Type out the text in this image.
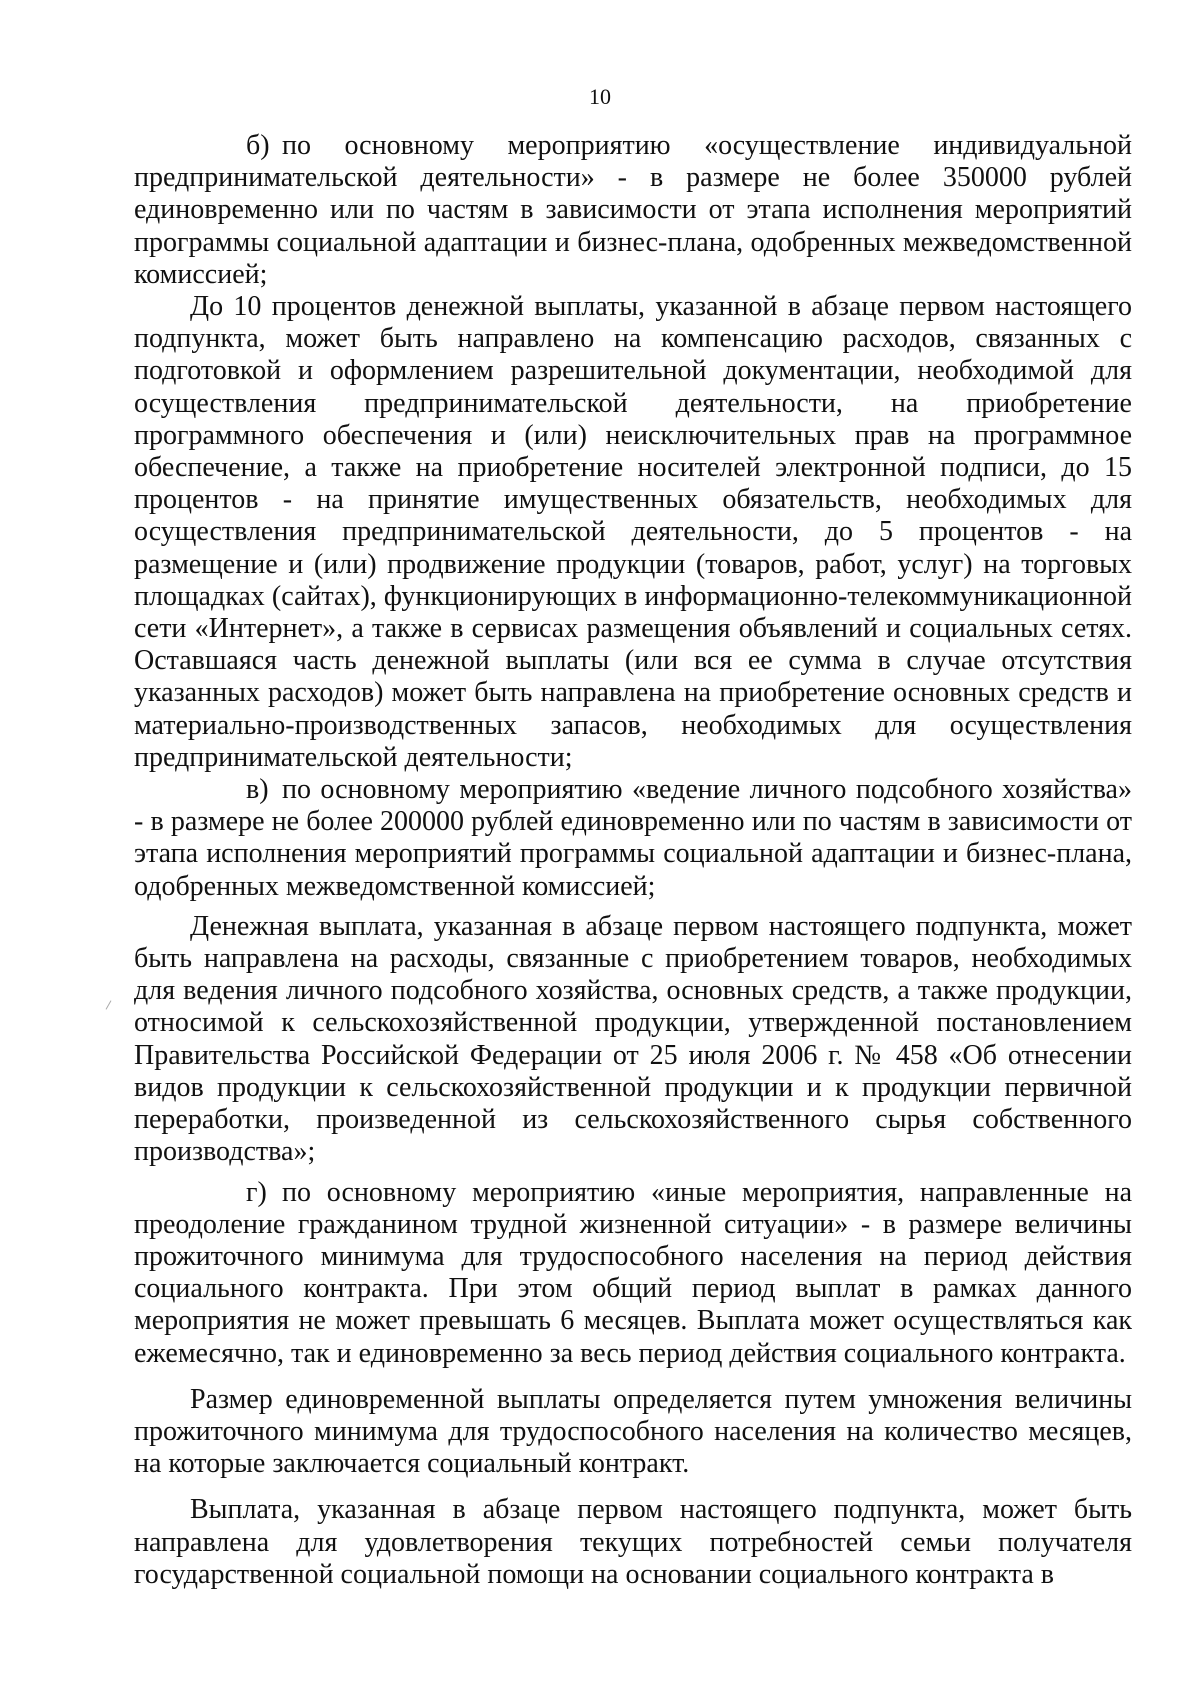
10

б) по основному мероприятию «осуществление индивидуальной предпринимательской деятельности» - в размере не более 350000 рублей единовременно или по частям в зависимости от этапа исполнения мероприятий программы социальной адаптации и бизнес-плана, одобренных межведомственной комиссией;

До 10 процентов денежной выплаты, указанной в абзаце первом настоящего подпункта, может быть направлено на компенсацию расходов, связанных с подготовкой и оформлением разрешительной документации, необходимой для осуществления предпринимательской деятельности, на приобретение программного обеспечения и (или) неисключительных прав на программное обеспечение, а также на приобретение носителей электронной подписи, до 15 процентов - на принятие имущественных обязательств, необходимых для осуществления предпринимательской деятельности, до 5 процентов - на размещение и (или) продвижение продукции (товаров, работ, услуг) на торговых площадках (сайтах), функционирующих в информационно-телекоммуникационной сети «Интернет», а также в сервисах размещения объявлений и социальных сетях. Оставшаяся часть денежной выплаты (или вся ее сумма в случае отсутствия указанных расходов) может быть направлена на приобретение основных средств и материально-производственных запасов, необходимых для осуществления предпринимательской деятельности;

в) по основному мероприятию «ведение личного подсобного хозяйства» - в размере не более 200000 рублей единовременно или по частям в зависимости от этапа исполнения мероприятий программы социальной адаптации и бизнес-плана, одобренных межведомственной комиссией;

Денежная выплата, указанная в абзаце первом настоящего подпункта, может быть направлена на расходы, связанные с приобретением товаров, необходимых для ведения личного подсобного хозяйства, основных средств, а также продукции, относимой к сельскохозяйственной продукции, утвержденной постановлением Правительства Российской Федерации от 25 июля 2006 г. № 458 «Об отнесении видов продукции к сельскохозяйственной продукции и к продукции первичной переработки, произведенной из сельскохозяйственного сырья собственного производства»;

г) по основному мероприятию «иные мероприятия, направленные на преодоление гражданином трудной жизненной ситуации» - в размере величины прожиточного минимума для трудоспособного населения на период действия социального контракта. При этом общий период выплат в рамках данного мероприятия не может превышать 6 месяцев. Выплата может осуществляться как ежемесячно, так и единовременно за весь период действия социального контракта.

Размер единовременной выплаты определяется путем умножения величины прожиточного минимума для трудоспособного населения на количество месяцев, на которые заключается социальный контракт.

Выплата, указанная в абзаце первом настоящего подпункта, может быть направлена для удовлетворения текущих потребностей семьи получателя государственной социальной помощи на основании социального контракта в
